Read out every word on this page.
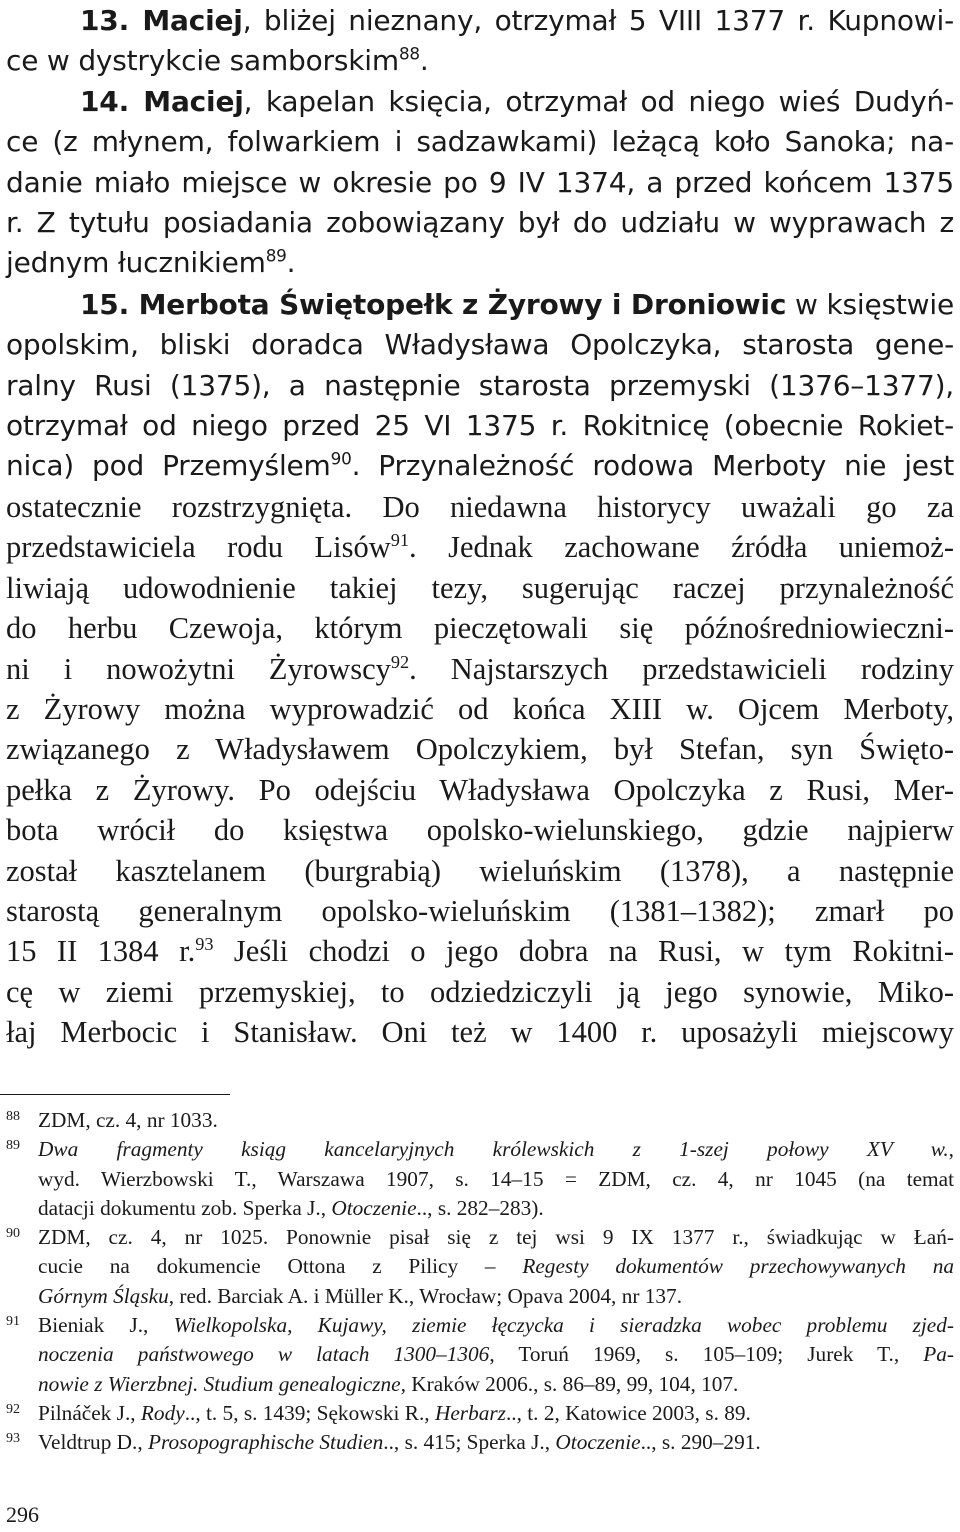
13. Maciej, bliżej nieznany, otrzymał 5 VIII 1377 r. Kupnowi-
ce w dystrykcie samborskim$^{88}$.
14. Maciej, kapelan księcia, otrzymał od niego wieś Dudyń-
ce (z młynem, folwarkiem i sadzawkami) leżącą koło Sanoka; na-
danie miało miejsce w okresie po 9 IV 1374, a przed końcem 1375
r. Z tytułu posiadania zobowiązany był do udziału w wyprawach z
jednym łucznikiem$^{89}$.
15. Merbota Świętopełk z Żyrowy i Droniowic w księstwie
opolskim, bliski doradca Władysława Opolczyka, starosta gene-
ralny Rusi (1375), a następnie starosta przemyski (1376–1377),
otrzymał od niego przed 25 VI 1375 r. Rokitnicę (obecnie Rokiet-
nica) pod Przemyślem$^{90}$. Przynależność rodowa Merboty nie jest
ostatecznie rozstrzygnięta. Do niedawna historycy uważali go za
przedstawiciela rodu Lisów$^{91}$. Jednak zachowane źródła uniemoż-
liwiają udowodnienie takiej tezy, sugerując raczej przynależność
do herbu Czewoja, którym pieczętowali się późnośredniowieczni-
ni i nowożytni Żyrowscy$^{92}$. Najstarszych przedstawicieli rodziny
z Żyrowy można wyprowadzić od końca XIII w. Ojcem Merboty,
związanego z Władysławem Opolczykiem, był Stefan, syn Święto-
pełka z Żyrowy. Po odejściu Władysława Opolczyka z Rusi, Mer-
bota wrócił do księstwa opolsko-wielunskiego, gdzie najpierw
został kasztelanem (burgrabią) wieluńskim (1378), a następnie
starostą generalnym opolsko-wieluńskim (1381–1382); zmarł po
15 II 1384 r.$^{93}$ Jeśli chodzi o jego dobra na Rusi, w tym Rokitni-
cę w ziemi przemyskiej, to odziedziczyli ją jego synowie, Miko-
łaj Merbocic i Stanisław. Oni też w 1400 r. uposażyli miejscowy
88 ZDM, cz. 4, nr 1033.
89 Dwa fragmenty ksiąg kancelaryjnych królewskich z 1-szej połowy XV w.,
wyd. Wierzbowski T., Warszawa 1907, s. 14–15 = ZDM, cz. 4, nr 1045 (na temat
datacji dokumentu zob. Sperka J., Otoczenie.., s. 282–283).
90 ZDM, cz. 4, nr 1025. Ponownie pisał się z tej wsi 9 IX 1377 r., świadkując w Łań-
cucie na dokumencie Ottona z Pilicy – Regesty dokumentów przechowywanych na
Górnym Śląsku, red. Barciak A. i Müller K., Wrocław; Opava 2004, nr 137.
91 Bieniak J., Wielkopolska, Kujawy, ziemie łęczycka i sieradzka wobec problemu zjed-
noczenia państwowego w latach 1300–1306, Toruń 1969, s. 105–109; Jurek T., Pa-
nowie z Wierzbnej. Studium genealogiczne, Kraków 2006., s. 86–89, 99, 104, 107.
92 Pilnáček J., Rody.., t. 5, s. 1439; Sękowski R., Herbarz.., t. 2, Katowice 2003, s. 89.
93 Veldtrup D., Prosopographische Studien.., s. 415; Sperka J., Otoczenie.., s. 290–291.
296
